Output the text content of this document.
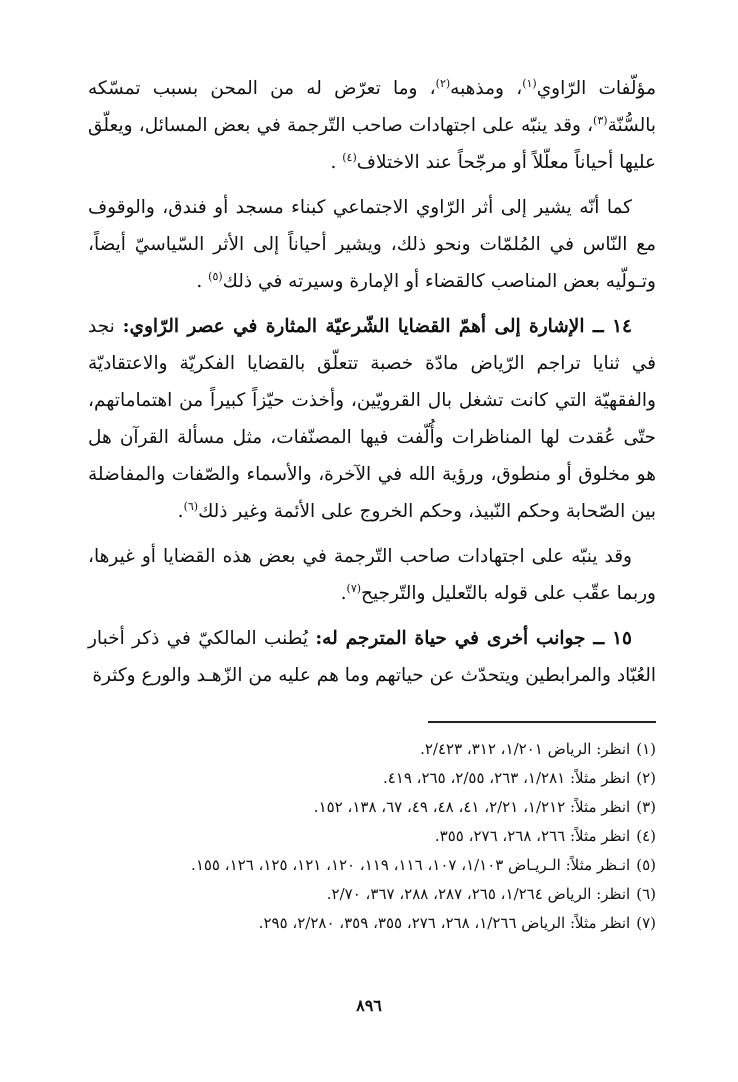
مؤلّفات الرّاوي$^{(١)}$، ومذهبه$^{(٢)}$، وما تعرّض له من المحن بسبب تمسّكه بالسُّنّة$^{(٣)}$، وقد ينبّه على اجتهادات صاحب التّرجمة في بعض المسائل، ويعلّق عليها أحياناً معلّلاً أو مرجّحاً عند الاختلاف$^{(٤)}$ .

كما أنّه يشير إلى أثر الرّاوي الاجتماعي كبناء مسجد أو فندق، والوقوف مع النّاس في المُلمّات ونحو ذلك، ويشير أحياناً إلى الأثر السّياسيّ أيضاً، وتـولّيه بعض المناصب كالقضاء أو الإمارة وسيرته في ذلك$^{(٥)}$ .

١٤ ــ الإشارة إلى أهمّ القضايا الشّرعيّة المثارة في عصر الرّاوي: نجد في ثنايا تراجم الرّياض مادّة خصبة تتعلّق بالقضايا الفكريّة والاعتقاديّة والفقهيّة التي كانت تشغل بال القرويّين، وأخذت حيّزاً كبيراً من اهتماماتهم، حتّى عُقدت لها المناظرات وأُلّفت فيها المصنّفات، مثل مسألة القرآن هل هو مخلوق أو منطوق، ورؤية الله في الآخرة، والأسماء والصّفات والمفاضلة بين الصّحابة وحكم النّبيذ، وحكم الخروج على الأئمة وغير ذلك$^{(٦)}$.

وقد ينبّه على اجتهادات صاحب التّرجمة في بعض هذه القضايا أو غيرها، وربما عقّب على قوله بالتّعليل والتّرجيح$^{(٧)}$.

١٥ ــ جوانب أخرى في حياة المترجم له: يُطنب المالكيّ في ذكر أخبار العُبّاد والمرابطين ويتحدّث عن حياتهم وما هم عليه من الزّهـد والورع وكثرة

(١)انظر: الرياض ١/٢٠١، ٣١٢، ٢/٤٢٣.

(٢)انظر مثلاً: ١/٢٨١، ٢٦٣، ٢/٥٥، ٢٦٥، ٤١٩.

(٣)انظر مثلاً: ١/٢١٢، ٢/٢١، ٤١، ٤٨، ٤٩، ٦٧، ١٣٨، ١٥٢.

(٤)انظر مثلاً: ٢٦٦، ٢٦٨، ٢٧٦، ٣٥٥.

(٥)انـظر مثلاً: الـريـاض ١/١٠٣، ١٠٧، ١١٦، ١١٩، ١٢٠، ١٢١، ١٢٥، ١٢٦، ١٥٥.

(٦)انظر: الرياض ١/٢٦٤، ٢٦٥، ٢٨٧، ٢٨٨، ٣٦٧، ٢/٧٠.

(٧)انظر مثلاً: الرياض ١/٢٦٦، ٢٦٨، ٢٧٦، ٣٥٥، ٣٥٩، ٢/٢٨٠، ٢٩٥.

٨٩٦
